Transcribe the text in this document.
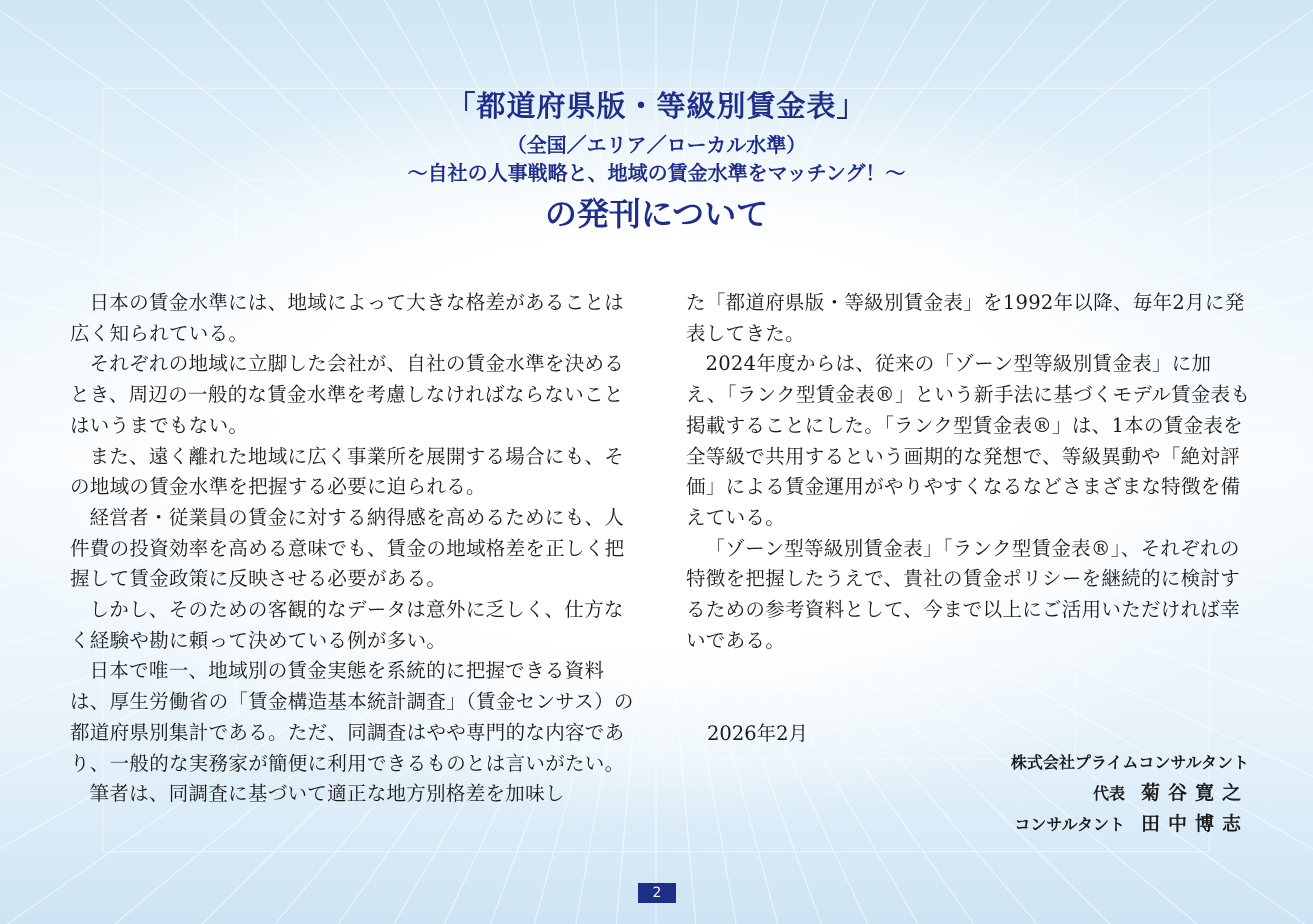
「都道府県版・等級別賃金表」
（全国／エリア／ローカル水準）
〜自社の人事戦略と、地域の賃金水準をマッチング！〜
の発刊について

日本の賃金水準には、地域によって大きな格差があることは広く知られている。

それぞれの地域に立脚した会社が、自社の賃金水準を決めるとき、周辺の一般的な賃金水準を考慮しなければならないことはいうまでもない。

また、遠く離れた地域に広く事業所を展開する場合にも、その地域の賃金水準を把握する必要に迫られる。

経営者・従業員の賃金に対する納得感を高めるためにも、人件費の投資効率を高める意味でも、賃金の地域格差を正しく把握して賃金政策に反映させる必要がある。

しかし、そのための客観的なデータは意外に乏しく、仕方なく経験や勘に頼って決めている例が多い。

日本で唯一、地域別の賃金実態を系統的に把握できる資料は、厚生労働省の「賃金構造基本統計調査」（賃金センサス）の都道府県別集計である。ただ、同調査はやや専門的な内容であり、一般的な実務家が簡便に利用できるものとは言いがたい。

筆者は、同調査に基づいて適正な地方別格差を加味し

た「都道府県版・等級別賃金表」を1992年以降、毎年2月に発表してきた。

2024年度からは、従来の「ゾーン型等級別賃金表」に加え、「ランク型賃金表®」という新手法に基づくモデル賃金表も掲載することにした。「ランク型賃金表®」は、1本の賃金表を全等級で共用するという画期的な発想で、等級異動や「絶対評価」による賃金運用がやりやすくなるなどさまざまな特徴を備えている。

「ゾーン型等級別賃金表」「ランク型賃金表®」、それぞれの特徴を把握したうえで、貴社の賃金ポリシーを継続的に検討するための参考資料として、今まで以上にご活用いただければ幸いである。

2026年2月
株式会社プライムコンサルタント
代表 菊谷寛之
コンサルタント 田中博志
2
